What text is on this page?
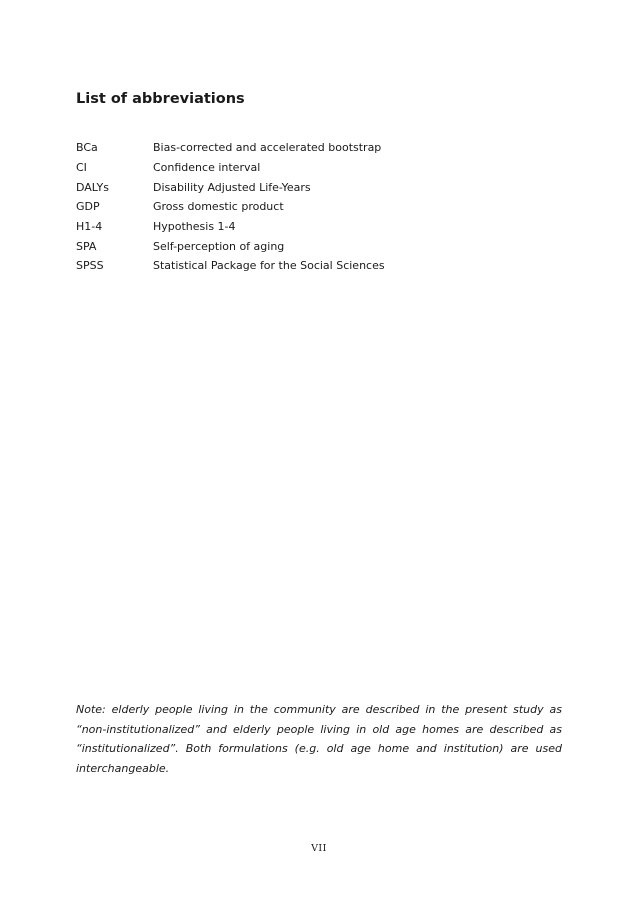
List of abbreviations
BCa	Bias-corrected and accelerated bootstrap
CI	Confidence interval
DALYs	Disability Adjusted Life-Years
GDP	Gross domestic product
H1-4	Hypothesis 1-4
SPA	Self-perception of aging
SPSS	Statistical Package for the Social Sciences

Note: elderly people living in the community are described in the present study as “non-institutionalized” and elderly people living in old age homes are described as “institutionalized”. Both formulations (e.g. old age home and institution) are used interchangeable.

VII
